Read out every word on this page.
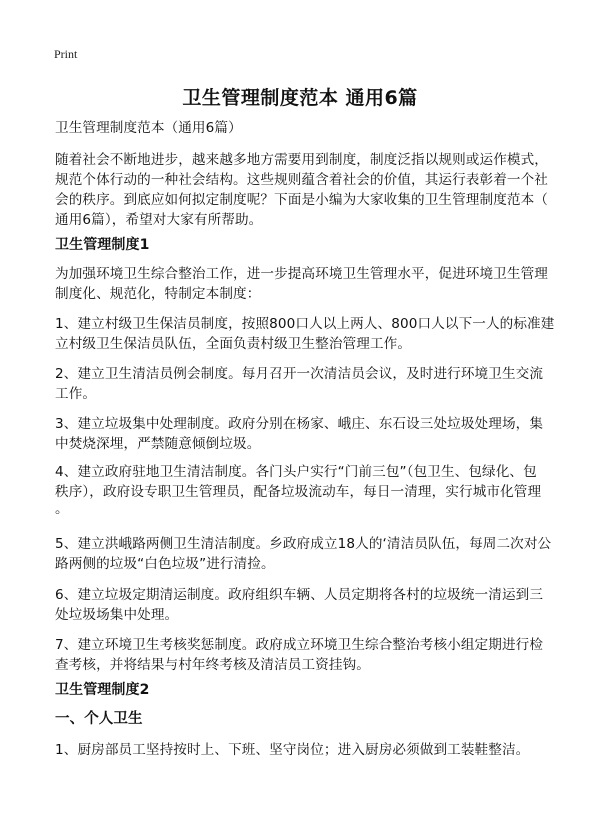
Print
卫生管理制度范本 通用6篇
卫生管理制度范本（通用6篇）
随着社会不断地进步，越来越多地方需要用到制度，制度泛指以规则或运作模式，
规范个体行动的一种社会结构。这些规则蕴含着社会的价值，其运行表彰着一个社
会的秩序。到底应如何拟定制度呢？下面是小编为大家收集的卫生管理制度范本（
通用6篇），希望对大家有所帮助。
卫生管理制度1
为加强环境卫生综合整治工作，进一步提高环境卫生管理水平，促进环境卫生管理
制度化、规范化，特制定本制度：
1、建立村级卫生保洁员制度，按照800口人以上两人、800口人以下一人的标准建
立村级卫生保洁员队伍，全面负责村级卫生整治管理工作。
2、建立卫生清洁员例会制度。每月召开一次清洁员会议，及时进行环境卫生交流
工作。
3、建立垃圾集中处理制度。政府分别在杨家、峨庄、东石设三处垃圾处理场，集
中焚烧深埋，严禁随意倾倒垃圾。
4、建立政府驻地卫生清洁制度。各门头户实行“门前三包”（包卫生、包绿化、包
秩序），政府设专职卫生管理员，配备垃圾流动车，每日一清理，实行城市化管理
。
5、建立洪峨路两侧卫生清洁制度。乡政府成立18人的‘清洁员队伍，每周二次对公
路两侧的垃圾“白色垃圾”进行清捡。
6、建立垃圾定期清运制度。政府组织车辆、人员定期将各村的垃圾统一清运到三
处垃圾场集中处理。
7、建立环境卫生考核奖惩制度。政府成立环境卫生综合整治考核小组定期进行检
查考核，并将结果与村年终考核及清洁员工资挂钩。
卫生管理制度2
一、个人卫生
1、厨房部员工坚持按时上、下班、坚守岗位；进入厨房必须做到工装鞋整洁。
